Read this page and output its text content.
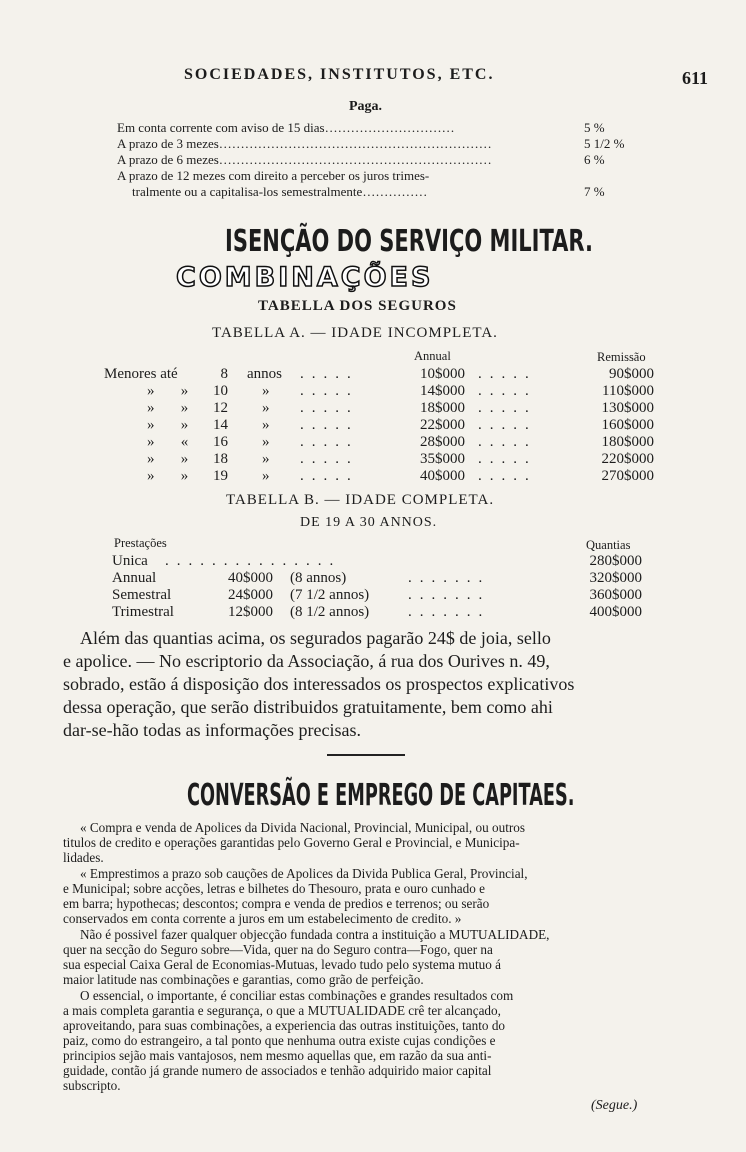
SOCIEDADES, INSTITUTOS, ETC.	611
Paga.
Em conta corrente com aviso de 15 dias…………………………	5 %
A prazo de 3 mezes………………………………………………………	5 1/2 %
A prazo de 6 mezes………………………………………………………	6 %
A prazo de 12 mezes com direito a perceber os juros trimes-
tralmente ou a capitalisa-los semestralmente……………	7 %
ISENÇÃO DO SERVIÇO MILITAR.
COMBINAÇÕES
TABELLA DOS SEGUROS
TABELLA A. — IDADE INCOMPLETA.
Annual	Remissão
Menores até	8 annos .....	10$000 .....	90$000
»       »	10 » .....	14$000 .....	110$000
»       »	12 » .....	18$000 .....	130$000
»       »	14 » .....	22$000 .....	160$000
»       «	16 » .....	28$000 .....	180$000
»       »	18 » .....	35$000 .....	220$000
»       »	19 » .....	40$000 .....	270$000
TABELLA B. — IDADE COMPLETA.
DE 19 A 30 ANNOS.
Prestações	Quantias
Unica ...............	280$000
Annual	40$000 (8 annos)	.......	320$000
Semestral	24$000 (7 1/2 annos)	.......	360$000
Trimestral	12$000 (8 1/2 annos)	.......	400$000
Além das quantias acima, os segurados pagarão 24$ de joia, sello
e apolice. — No escriptorio da Associação, á rua dos Ourives n. 49,
sobrado, estão á disposição dos interessados os prospectos explicativos
dessa operação, que serão distribuidos gratuitamente, bem como ahi
dar-se-hão todas as informações precisas.
CONVERSÃO E EMPREGO DE CAPITAES.
« Compra e venda de Apolices da Divida Nacional, Provincial, Municipal, ou outros
titulos de credito e operações garantidas pelo Governo Geral e Provincial, e Municipa-
lidades.
« Emprestimos a prazo sob cauções de Apolices da Divida Publica Geral, Provincial,
e Municipal; sobre acções, letras e bilhetes do Thesouro, prata e ouro cunhado e
em barra; hypothecas; descontos; compra e venda de predios e terrenos; ou serão
conservados em conta corrente a juros em um estabelecimento de credito. »
Não é possivel fazer qualquer objecção fundada contra a instituição a MUTUALIDADE,
quer na secção do Seguro sobre—Vida, quer na do Seguro contra—Fogo, quer na
sua especial Caixa Geral de Economias-Mutuas, levado tudo pelo systema mutuo á
maior latitude nas combinações e garantias, como grão de perfeição.
O essencial, o importante, é conciliar estas combinações e grandes resultados com
a mais completa garantia e segurança, o que a MUTUALIDADE crê ter alcançado,
aproveitando, para suas combinações, a experiencia das outras instituições, tanto do
paiz, como do estrangeiro, a tal ponto que nenhuma outra existe cujas condições e
principios sejão mais vantajosos, nem mesmo aquellas que, em razão da sua anti-
guidade, contão já grande numero de associados e tenhão adquirido maior capital
subscripto.
(Segue.)
